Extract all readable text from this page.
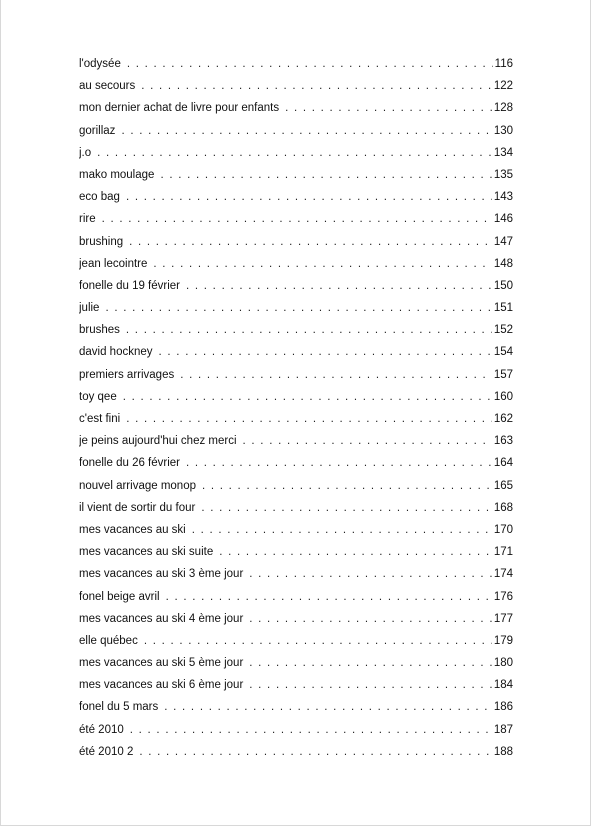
l'odysée . . .	116
au secours . . .	122
mon dernier achat de livre pour enfants . . .	128
gorillaz . . .	130
j.o . . .	134
mako moulage . . .	135
eco bag . . .	143
rire . . .	146
brushing . . .	147
jean lecointre . . .	148
fonelle du 19 février . . .	150
julie . . .	151
brushes . . .	152
david hockney . . .	154
premiers arrivages . . .	157
toy qee . . .	160
c'est fini . . .	162
je peins aujourd'hui chez merci . . .	163
fonelle du 26 février . . .	164
nouvel arrivage monop . . .	165
il vient de sortir du four . . .	168
mes vacances au ski . . .	170
mes vacances au ski suite . . .	171
mes vacances au ski 3 ème jour . . .	174
fonel beige avril . . .	176
mes vacances au ski 4 ème jour . . .	177
elle québec . . .	179
mes vacances au ski 5 ème jour . . .	180
mes vacances au ski 6 ème jour . . .	184
fonel du 5 mars . . .	186
été 2010 . . .	187
été 2010 2 . . .	188
